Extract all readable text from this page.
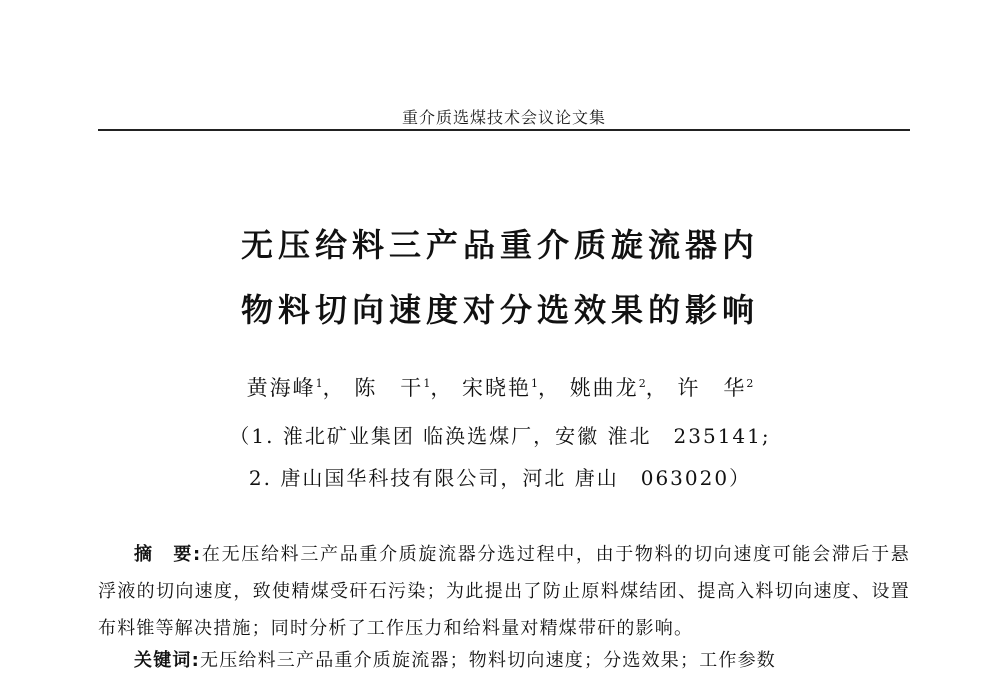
重介质选煤技术会议论文集
无压给料三产品重介质旋流器内
物料切向速度对分选效果的影响
黄海峰$^1$， 陈　干$^1$， 宋晓艳$^1$， 姚曲龙$^2$， 许　华$^2$
（1. 淮北矿业集团 临涣选煤厂，安徽 淮北　235141;
2. 唐山国华科技有限公司，河北 唐山　063020）
摘　要:在无压给料三产品重介质旋流器分选过程中，由于物料的切向速度可能会滞后于悬浮液的切向速度，致使精煤受矸石污染；为此提出了防止原料煤结团、提高入料切向速度、设置布料锥等解决措施；同时分析了工作压力和给料量对精煤带矸的影响。
关键词:无压给料三产品重介质旋流器；物料切向速度；分选效果；工作参数
